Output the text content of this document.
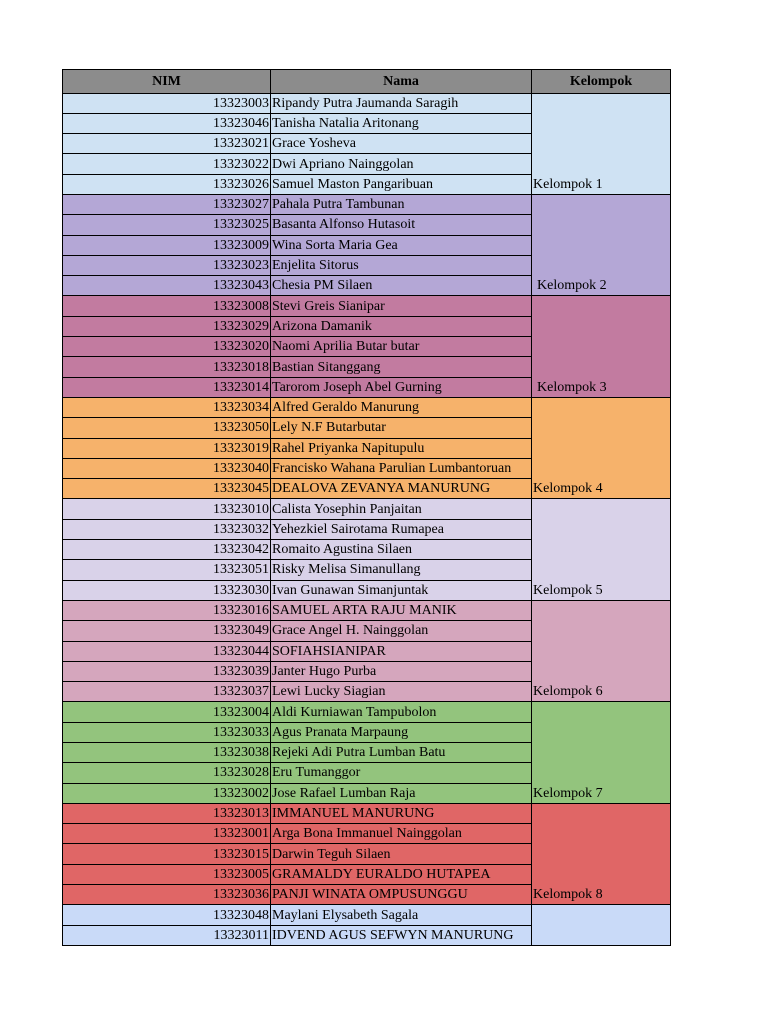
NIM	Nama	Kelompok
13323003	Ripandy Putra Jaumanda Saragih	Kelompok 1
13323046	Tanisha Natalia Aritonang	
13323021	Grace Yosheva	
13323022	Dwi Apriano Nainggolan	
13323026	Samuel Maston Pangaribuan	
13323027	Pahala Putra Tambunan	Kelompok 2
13323025	Basanta Alfonso Hutasoit	
13323009	Wina Sorta Maria Gea	
13323023	Enjelita Sitorus	
13323043	Chesia PM Silaen	
13323008	Stevi Greis Sianipar	Kelompok 3
13323029	Arizona Damanik	
13323020	Naomi Aprilia Butar butar	
13323018	Bastian Sitanggang	
13323014	Tarorom Joseph Abel Gurning	
13323034	Alfred Geraldo Manurung	Kelompok 4
13323050	Lely N.F Butarbutar	
13323019	Rahel Priyanka Napitupulu	
13323040	Francisko Wahana Parulian Lumbantoruan	
13323045	DEALOVA ZEVANYA MANURUNG	
13323010	Calista Yosephin Panjaitan	Kelompok 5
13323032	Yehezkiel Sairotama Rumapea	
13323042	Romaito Agustina Silaen	
13323051	Risky Melisa Simanullang	
13323030	Ivan Gunawan Simanjuntak	
13323016	SAMUEL ARTA RAJU MANIK	Kelompok 6
13323049	Grace Angel H. Nainggolan	
13323044	SOFIAHSIANIPAR	
13323039	Janter Hugo Purba	
13323037	Lewi Lucky Siagian	
13323004	Aldi Kurniawan Tampubolon	Kelompok 7
13323033	Agus Pranata Marpaung	
13323038	Rejeki Adi Putra Lumban Batu	
13323028	Eru Tumanggor	
13323002	Jose Rafael Lumban Raja	
13323013	IMMANUEL MANURUNG	Kelompok 8
13323001	Arga Bona Immanuel Nainggolan	
13323015	Darwin Teguh Silaen	
13323005	GRAMALDY EURALDO HUTAPEA	
13323036	PANJI WINATA OMPUSUNGGU	
13323048	Maylani Elysabeth Sagala	
13323011	IDVEND AGUS SEFWYN MANURUNG	
